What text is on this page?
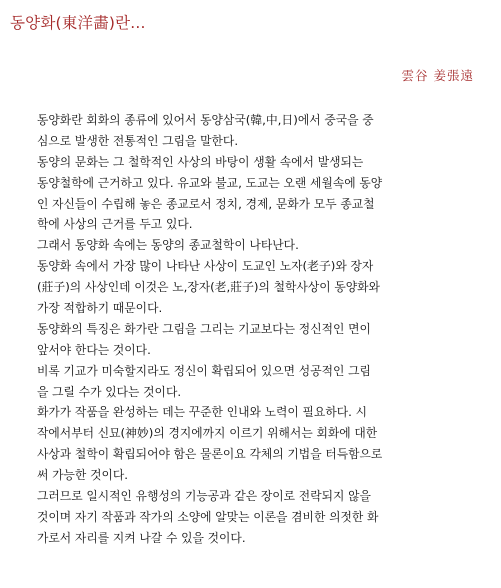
동양화(東洋畵)란...
雲谷 姜張遠
동양화란 회화의 종류에 있어서 동양삼국(韓,中,日)에서 중국을 중
심으로 발생한 전통적인 그림을 말한다.
동양의 문화는 그 철학적인 사상의 바탕이 생활 속에서 발생되는
동양철학에 근거하고 있다. 유교와 불교, 도교는 오랜 세월속에 동양
인 자신들이 수립해 놓은 종교로서 정치, 경제, 문화가 모두 종교철
학에 사상의 근거를 두고 있다.
그래서 동양화 속에는 동양의 종교철학이 나타난다.
동양화 속에서 가장 많이 나타난 사상이 도교인 노자(老子)와 장자
(莊子)의 사상인데 이것은 노,장자(老,莊子)의 철학사상이 동양화와
가장 적합하기 때문이다.
동양화의 특징은 화가란 그림을 그리는 기교보다는 정신적인 면이
앞서야 한다는 것이다.
비록 기교가 미숙할지라도 정신이 확립되어 있으면 성공적인 그림
을 그릴 수가 있다는 것이다.
화가가 작품을 완성하는 데는 꾸준한 인내와 노력이 필요하다. 시
작에서부터 신묘(神妙)의 경지에까지 이르기 위해서는 회화에 대한
사상과 철학이 확립되어야 함은 물론이요 각체의 기법을 터득함으로
써 가능한 것이다.
그러므로 일시적인 유행성의 기능공과 같은 장이로 전락되지 않을
것이며 자기 작품과 작가의 소양에 알맞는 이론을 겸비한 의젓한 화
가로서 자리를 지켜 나갈 수 있을 것이다.
